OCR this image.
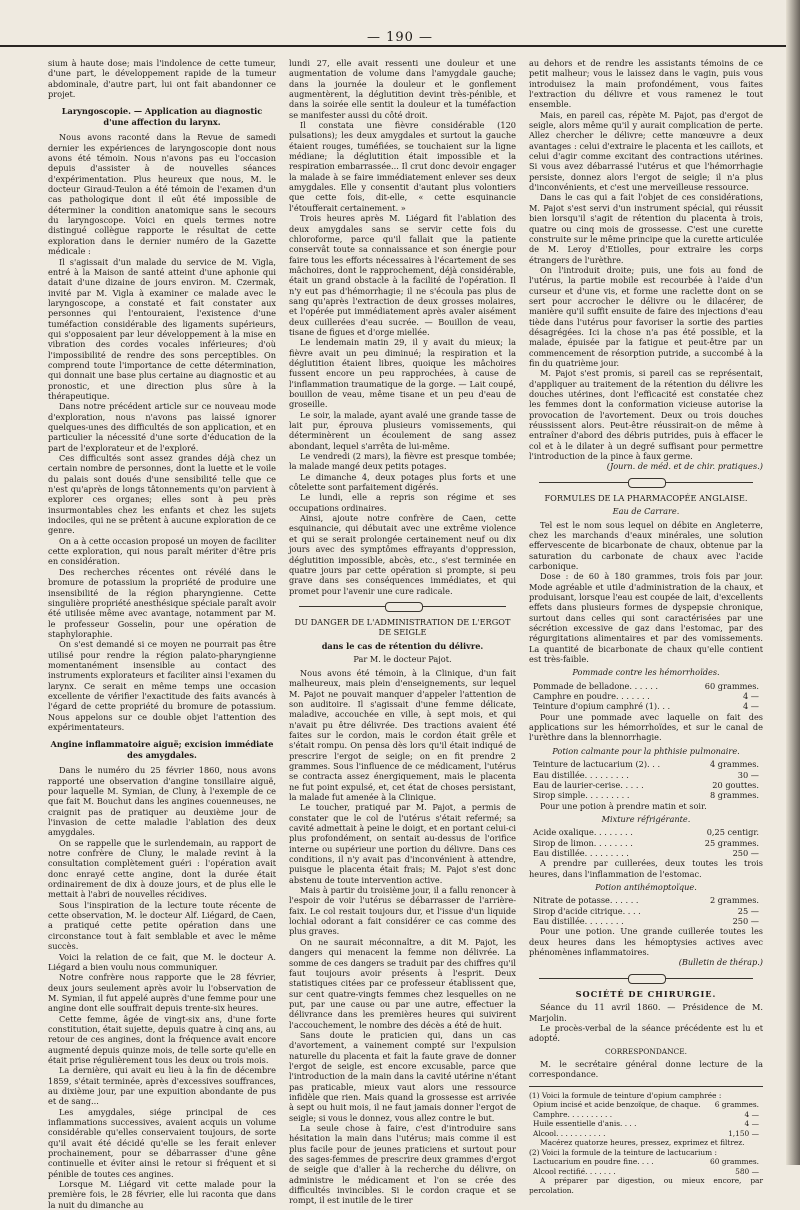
— 190 —

sium à haute dose; mais l'indolence de cette tumeur, d'une part, le développement rapide de la tumeur abdominale, d'autre part, lui ont fait abandonner ce projet.

Laryngoscopie. — Application au diagnostic d'une affection du larynx.

Nous avons raconté dans la Revue de samedi dernier les expériences de laryngoscopie dont nous avons été témoin. Nous n'avons pas eu l'occasion depuis d'assister à de nouvelles séances d'expérimentation. Plus heureux que nous, M. le docteur Giraud-Teulon a été témoin de l'examen d'un cas pathologique dont il eût été impossible de déterminer la condition anatomique sans le secours du laryngoscope. Voici en quels termes notre distingué collègue rapporte le résultat de cette exploration dans le dernier numéro de la Gazette médicale :

Il s'agissait d'un malade du service de M. Vigla, entré à la Maison de santé atteint d'une aphonie qui datait d'une dizaine de jours environ. M. Czermak, invité par M. Vigla à examiner ce malade avec le laryngoscope, a constaté et fait constater aux personnes qui l'entouraient, l'existence d'une tuméfaction considérable des ligaments supérieurs, qui s'opposaient par leur développement à la mise en vibration des cordes vocales inférieures; d'où l'impossibilité de rendre des sons perceptibles. On comprend toute l'importance de cette détermination, qui donnait une base plus certaine au diagnostic et au pronostic, et une direction plus sûre à la thérapeutique.

Dans notre précédent article sur ce nouveau mode d'exploration, nous n'avons pas laissé ignorer quelques-unes des difficultés de son application, et en particulier la nécessité d'une sorte d'éducation de la part de l'explorateur et de l'exploré.

Ces difficultés sont assez grandes déjà chez un certain nombre de personnes, dont la luette et le voile du palais sont doués d'une sensibilité telle que ce n'est qu'après de longs tâtonnements qu'on parvient à explorer ces organes; elles sont à peu près insurmontables chez les enfants et chez les sujets indociles, qui ne se prêtent à aucune exploration de ce genre.

On a à cette occasion proposé un moyen de faciliter cette exploration, qui nous paraît mériter d'être pris en considération.

Des recherches récentes ont révélé dans le bromure de potassium la propriété de produire une insensibilité de la région pharyngienne. Cette singulière propriété anesthésique spéciale paraît avoir été utilisée même avec avantage, notamment par M. le professeur Gosselin, pour une opération de staphyloraphie.

On s'est demandé si ce moyen ne pourrait pas être utilisé pour rendre la région palato-pharyngienne momentanément insensible au contact des instruments explorateurs et faciliter ainsi l'examen du larynx. Ce serait en même temps une occasion excellente de vérifier l'exactitude des faits avancés à l'égard de cette propriété du bromure de potassium. Nous appelons sur ce double objet l'attention des expérimentateurs.

Angine inflammatoire aiguë; excision immédiate des amygdales.

Dans le numéro du 25 février 1860, nous avons rapporté une observation d'angine tonsillaire aiguë, pour laquelle M. Symian, de Cluny, à l'exemple de ce que fait M. Bouchut dans les angines couenneuses, ne craignit pas de pratiquer au deuxième jour de l'invasion de cette maladie l'ablation des deux amygdales.

On se rappelle que le surlendemain, au rapport de notre confrère de Cluny, le malade revint à la consultation complètement guéri : l'opération avait donc enrayé cette angine, dont la durée était ordinairement de dix à douze jours, et de plus elle le mettait à l'abri de nouvelles récidives.

Sous l'inspiration de la lecture toute récente de cette observation, M. le docteur Alf. Liégard, de Caen, a pratiqué cette petite opération dans une circonstance tout à fait semblable et avec le même succès.

Voici la relation de ce fait, que M. le docteur A. Liégard a bien voulu nous communiquer.

Notre confrère nous rapporte que le 28 février, deux jours seulement après avoir lu l'observation de M. Symian, il fut appelé auprès d'une femme pour une angine dont elle souffrait depuis trente-six heures.

Cette femme, âgée de vingt-six ans, d'une forte constitution, était sujette, depuis quatre à cinq ans, au retour de ces angines, dont la fréquence avait encore augmenté depuis quinze mois, de telle sorte qu'elle en était prise régulièrement tous les deux ou trois mois.

La dernière, qui avait eu lieu à la fin de décembre 1859, s'était terminée, après d'excessives souffrances, au dixième jour, par une expuition abondante de pus et de sang...

Les amygdales, siége principal de ces inflammations successives, avaient acquis un volume considérable qu'elles conservaient toujours, de sorte qu'il avait été décidé qu'elle se les ferait enlever prochainement, pour se débarrasser d'une gêne continuelle et éviter ainsi le retour si fréquent et si pénible de toutes ces angines.

Lorsque M. Liégard vit cette malade pour la première fois, le 28 février, elle lui raconta que dans la nuit du dimanche au

lundi 27, elle avait ressenti une douleur et une augmentation de volume dans l'amygdale gauche; dans la journée la douleur et le gonflement augmentèrent, la déglutition devint très-pénible, et dans la soirée elle sentit la douleur et la tuméfaction se manifester aussi du côté droit.

Il constata une fièvre considérable (120 pulsations); les deux amygdales et surtout la gauche étaient rouges, tuméfiées, se touchaient sur la ligne médiane; la déglutition était impossible et la respiration embarrassée... Il crut donc devoir engager la malade à se faire immédiatement enlever ses deux amygdales. Elle y consentit d'autant plus volontiers que cette fois, dit-elle, « cette esquinancie l'étoufferait certainement. »

Trois heures après M. Liégard fit l'ablation des deux amygdales sans se servir cette fois du chloroforme, parce qu'il fallait que la patiente conservât toute sa connaissance et son énergie pour faire tous les efforts nécessaires à l'écartement de ses mâchoires, dont le rapprochement, déjà considérable, était un grand obstacle à la facilité de l'opération. Il n'y eut pas d'hémorrhagie; il ne s'écoula pas plus de sang qu'après l'extraction de deux grosses molaires, et l'opérée put immédiatement après avaler aisément deux cuillerées d'eau sucrée. — Bouillon de veau, tisane de figues et d'orge miellée.

Le lendemain matin 29, il y avait du mieux; la fièvre avait un peu diminué; la respiration et la déglutition étaient libres, quoique les mâchoires fussent encore un peu rapprochées, à cause de l'inflammation traumatique de la gorge. — Lait coupé, bouillon de veau, même tisane et un peu d'eau de groseille.

Le soir, la malade, ayant avalé une grande tasse de lait pur, éprouva plusieurs vomissements, qui déterminèrent un écoulement de sang assez abondant, lequel s'arrêta de lui-même.

Le vendredi (2 mars), la fièvre est presque tombée; la malade mangé deux petits potages.

Le dimanche 4, deux potages plus forts et une côtelette sont parfaitement digérés.

Le lundi, elle a repris son régime et ses occupations ordinaires.

Ainsi, ajoute notre confrère de Caen, cette esquinancie, qui débutait avec une extrême violence et qui se serait prolongée certainement neuf ou dix jours avec des symptômes effrayants d'oppression, déglutition impossible, abcès, etc., s'est terminée en quatre jours par cette opération si prompte, si peu grave dans ses conséquences immédiates, et qui promet pour l'avenir une cure radicale.

DU DANGER DE L'ADMINISTRATION DE L'ERGOT DE SEIGLE
dans le cas de rétention du délivre.
Par M. le docteur Pajot.

Nous avons été témoin, à la Clinique, d'un fait malheureux, mais plein d'enseignements, sur lequel M. Pajot ne pouvait manquer d'appeler l'attention de son auditoire. Il s'agissait d'une femme délicate, maladive, accouchée en ville, à sept mois, et qui n'avait pu être délivrée. Des tractions avaient été faites sur le cordon, mais le cordon était grêle et s'était rompu. On pensa dès lors qu'il était indiqué de prescrire l'ergot de seigle; on en fit prendre 2 grammes. Sous l'influence de ce médicament, l'utérus se contracta assez énergiquement, mais le placenta ne fut point expulsé, et, cet état de choses persistant, la malade fut amenée à la Clinique.

Le toucher, pratiqué par M. Pajot, a permis de constater que le col de l'utérus s'était refermé; sa cavité admettait à peine le doigt, et en portant celui-ci plus profondément, on sentait au-dessus de l'orifice interne ou supérieur une portion du délivre. Dans ces conditions, il n'y avait pas d'inconvénient à attendre, puisque le placenta était frais; M. Pajot s'est donc abstenu de toute intervention active.

Mais à partir du troisième jour, il a fallu renoncer à l'espoir de voir l'utérus se débarrasser de l'arrière-faix. Le col restait toujours dur, et l'issue d'un liquide lochial odorant a fait considérer ce cas comme des plus graves.

On ne saurait méconnaître, a dit M. Pajot, les dangers qui menacent la femme non délivrée. La somme de ces dangers se traduit par des chiffres qu'il faut toujours avoir présents à l'esprit. Deux statistiques citées par ce professeur établissent que, sur cent quatre-vingts femmes chez lesquelles on ne put, par une cause ou par une autre, effectuer la délivrance dans les premières heures qui suivirent l'accouchement, le nombre des décès a été de huit.

Sans doute le praticien qui, dans un cas d'avortement, a vainement compté sur l'expulsion naturelle du placenta et fait la faute grave de donner l'ergot de seigle, est encore excusable, parce que l'introduction de la main dans la cavité utérine n'étant pas praticable, mieux vaut alors une ressource infidèle que rien. Mais quand la grossesse est arrivée à sept ou huit mois, il ne faut jamais donner l'ergot de seigle; si vous le donnez, vous allez contre le but.

La seule chose à faire, c'est d'introduire sans hésitation la main dans l'utérus; mais comme il est plus facile pour de jeunes praticiens et surtout pour des sages-femmes de prescrire deux grammes d'ergot de seigle que d'aller à la recherche du délivre, on administre le médicament et l'on se crée des difficultés invincibles. Si le cordon craque et se rompt, il est inutile de le tirer

au dehors et de rendre les assistants témoins de ce petit malheur; vous le laissez dans le vagin, puis vous introduisez la main profondément, vous faites l'extraction du délivre et vous ramenez le tout ensemble.

Mais, en pareil cas, répète M. Pajot, pas d'ergot de seigle, alors même qu'il y aurait complication de perte. Allez chercher le délivre; cette manœuvre a deux avantages : celui d'extraire le placenta et les caillots, et celui d'agir comme excitant des contractions utérines. Si vous avez débarrassé l'utérus et que l'hémorrhagie persiste, donnez alors l'ergot de seigle; il n'a plus d'inconvénients, et c'est une merveilleuse ressource.

Dans le cas qui a fait l'objet de ces considérations, M. Pajot s'est servi d'un instrument spécial, qui réussit bien lorsqu'il s'agit de rétention du placenta à trois, quatre ou cinq mois de grossesse. C'est une curette construite sur le même principe que la curette articulée de M. Leroy d'Etiolles, pour extraire les corps étrangers de l'urèthre.

On l'introduit droite; puis, une fois au fond de l'utérus, la partie mobile est recourbée à l'aide d'un curseur et d'une vis, et forme une raclette dont on se sert pour accrocher le délivre ou le dilacérer, de manière qu'il suffit ensuite de faire des injections d'eau tiède dans l'utérus pour favoriser la sortie des parties désagrégées. Ici la chose n'a pas été possible, et la malade, épuisée par la fatigue et peut-être par un commencement de résorption putride, a succombé à la fin du quatrième jour.

M. Pajot s'est promis, si pareil cas se représentait, d'appliquer au traitement de la rétention du délivre les douches utérines, dont l'efficacité est constatée chez les femmes dont la conformation vicieuse autorise la provocation de l'avortement. Deux ou trois douches réussissent alors. Peut-être réussirait-on de même à entraîner d'abord des débris putrides, puis à effacer le col et à le dilater à un degré suffisant pour permettre l'introduction de la pince à faux germe.

(Journ. de méd. et de chir. pratiques.)
FORMULES DE LA PHARMACOPÉE ANGLAISE.
Eau de Carrare.

Tel est le nom sous lequel on débite en Angleterre, chez les marchands d'eaux minérales, une solution effervescente de bicarbonate de chaux, obtenue par la saturation du carbonate de chaux avec l'acide carbonique.

Dose : de 60 à 180 grammes, trois fois par jour. Mode agréable et utile d'administration de la chaux, et produisant, lorsque l'eau est coupée de lait, d'excellents effets dans plusieurs formes de dyspepsie chronique, surtout dans celles qui sont caractérisées par une sécrétion excessive de gaz dans l'estomac, par des régurgitations alimentaires et par des vomissements. La quantité de bicarbonate de chaux qu'elle contient est très-faible.

Pommade contre les hémorrhoïdes.
Pommade de belladone. . . . . .	60 grammes.
Camphre en poudre. . . . . . .	4 —
Teinture d'opium camphré (1). . .	4 —

Pour une pommade avec laquelle on fait des applications sur les hémorrhoïdes, et sur le canal de l'urèthre dans la blennorrhagie.

Potion calmante pour la phthisie pulmonaire.
Teinture de lactucarium (2). . .	4 grammes.
Eau distillée. . . . . . . . .	30 —
Eau de laurier-cerise. . . . .	20 gouttes.
Sirop simple. . . . . . . . .	8 grammes.

Pour une potion à prendre matin et soir.

Mixture réfrigérante.
Acide oxalique. . . . . . . .	0,25 centigr.
Sirop de limon. . . . . . . .	25 grammes.
Eau distillée. . . . . . . . .	250 —

A prendre par cuillerées, deux toutes les trois heures, dans l'inflammation de l'estomac.

Potion antihémoptoïque.
Nitrate de potasse. . . . . .	2 grammes.
Sirop d'acide citrique. . . .	25 —
Eau distillée. . . . . . . .	250 —

Pour une potion. Une grande cuillerée toutes les deux heures dans les hémoptysies actives avec phénomènes inflammatoires.

(Bulletin de thérap.)
SOCIÉTÉ DE CHIRURGIE.

Séance du 11 avril 1860. — Présidence de M. Marjolin.

Le procès-verbal de la séance précédente est lu et adopté.

CORRESPONDANCE.

M. le secrétaire général donne lecture de la correspondance.

(1) Voici la formule de teinture d'opium camphrée :
Opium incisé et acide benzoïque, de chaque. 6 grammes.
Camphre. . . . . . . . . .	4 —
Huile essentielle d'anis. . . .	4 —
Alcool. . . . . . . . . . .	1,150 —
Macérez quatorze heures, pressez, exprimez et filtrez.
(2) Voici la formule de la teinture de lactucarium :
Lactucarium en poudre fine. . . .	60 grammes.
Alcool rectifié. . . . . . .	580 —
A préparer par digestion, ou mieux encore, par percolation.
